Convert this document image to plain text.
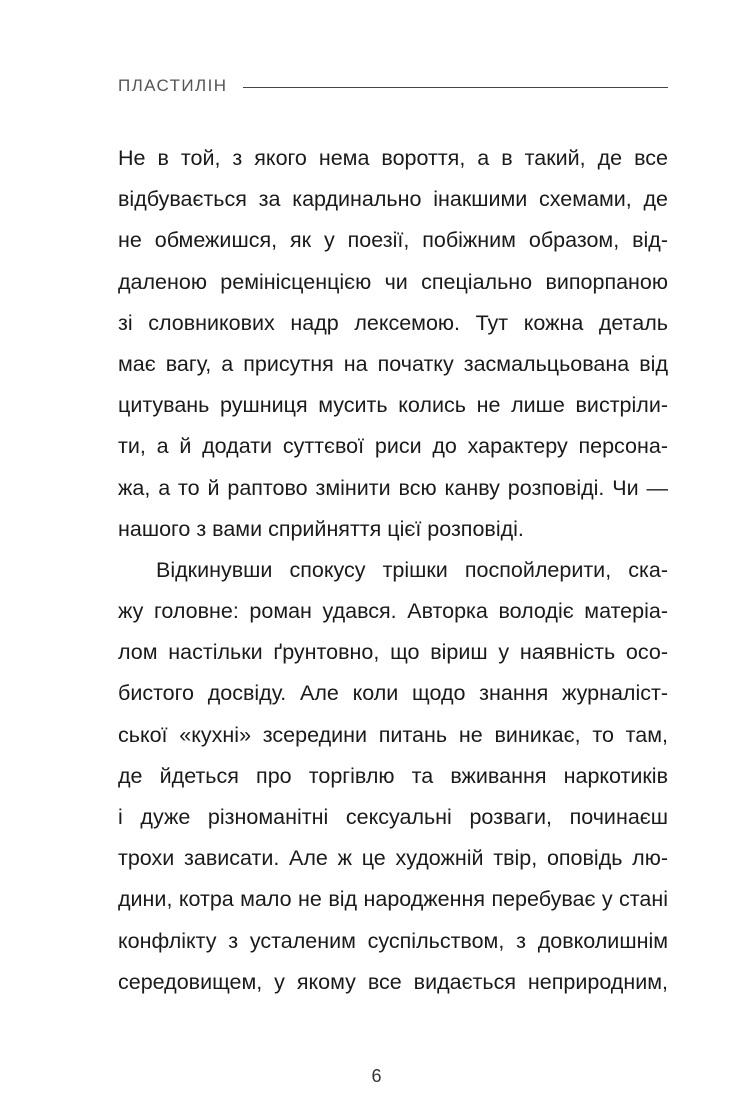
ПЛАСТИЛІН
Не в той, з якого нема вороття, а в такий, де все
відбувається за кардинально інакшими схемами, де
не обмежишся, як у поезії, побіжним образом, від-
даленою ремінісценцією чи спеціально випорпаною
зі словникових надр лексемою. Тут кожна деталь
має вагу, а присутня на початку засмальцьована від
цитувань рушниця мусить колись не лише вистріли-
ти, а й додати суттєвої риси до характеру персона-
жа, а то й раптово змінити всю канву розповіді. Чи —
нашого з вами сприйняття цієї розповіді.
Відкинувши спокусу трішки поспойлерити, ска-
жу головне: роман удався. Авторка володіє матеріа-
лом настільки ґрунтовно, що віриш у наявність осо-
бистого досвіду. Але коли щодо знання журналіст-
ської «кухні» зсередини питань не виникає, то там,
де йдеться про торгівлю та вживання наркотиків
і дуже різноманітні сексуальні розваги, починаєш
трохи зависати. Але ж це художній твір, оповідь лю-
дини, котра мало не від народження перебуває у стані
конфлікту з усталеним суспільством, з довколишнім
середовищем, у якому все видається неприродним,
6
